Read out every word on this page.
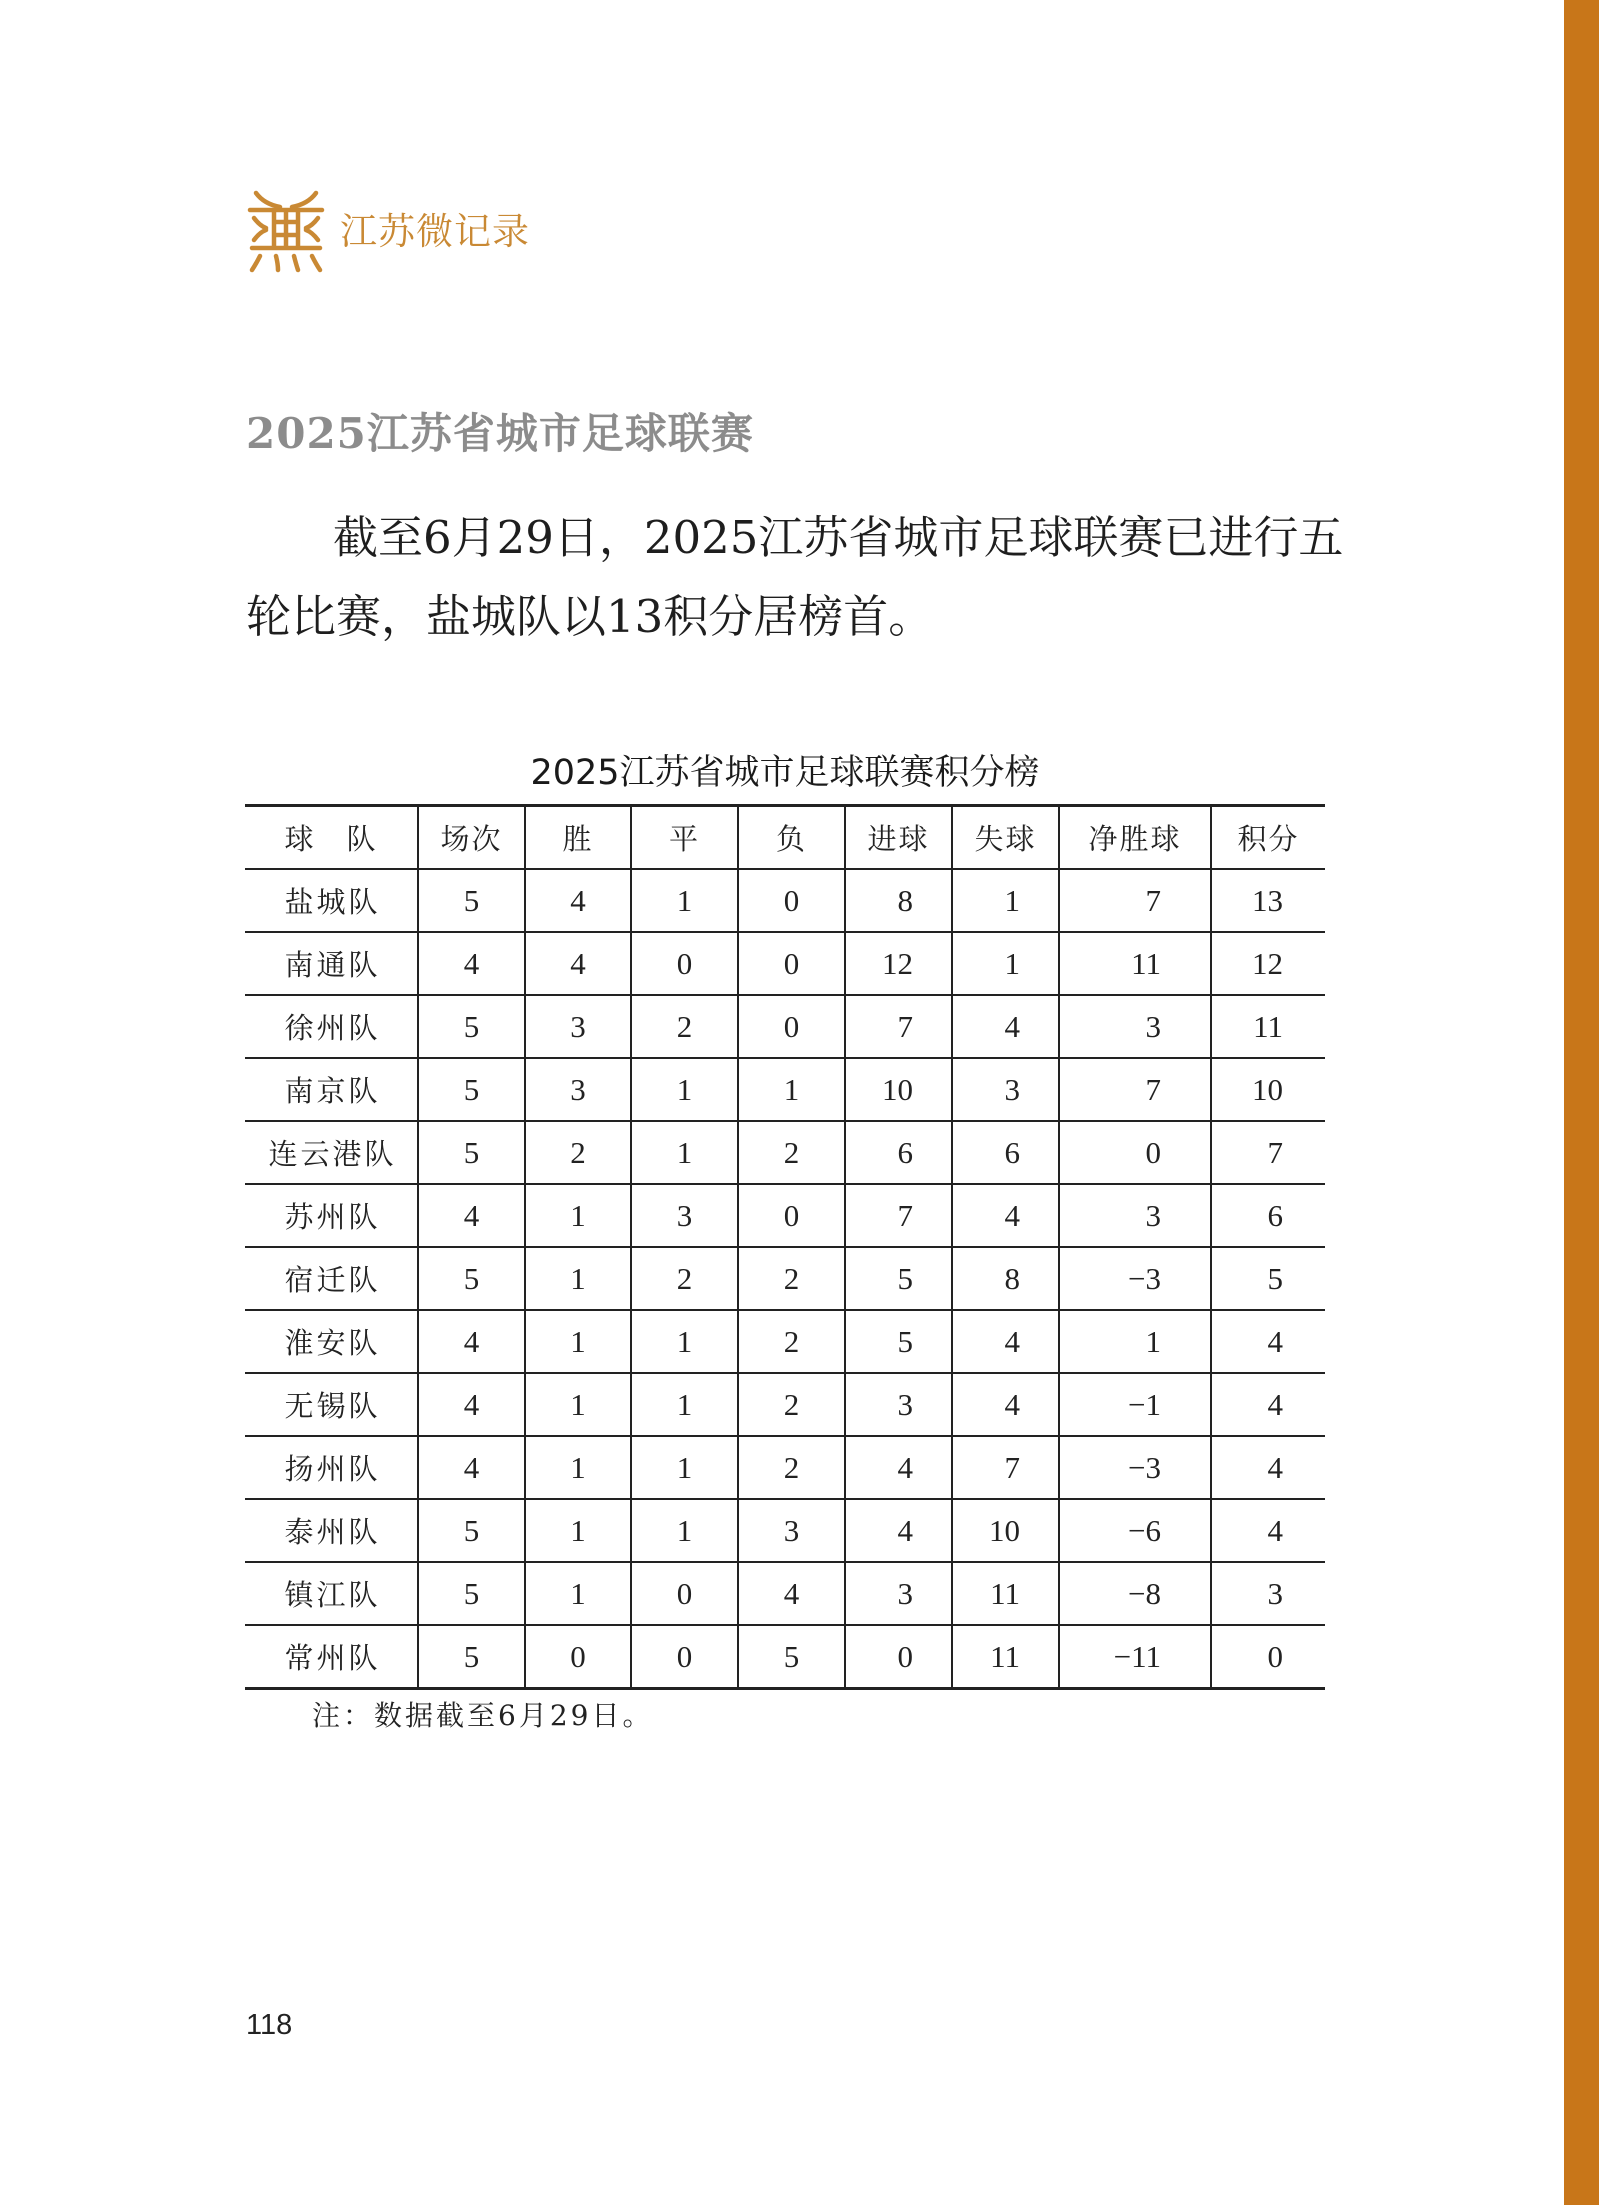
江苏微记录
2025江苏省城市足球联赛
截至6月29日，2025江苏省城市足球联赛已进行五
轮比赛，盐城队以13积分居榜首。
2025江苏省城市足球联赛积分榜
球　队	场次	胜	平	负	进球	失球	净胜球	积分
盐城队	5	4	1	0	8	1	7	13
南通队	4	4	0	0	12	1	11	12
徐州队	5	3	2	0	7	4	3	11
南京队	5	3	1	1	10	3	7	10
连云港队	5	2	1	2	6	6	0	7
苏州队	4	1	3	0	7	4	3	6
宿迁队	5	1	2	2	5	8	−3	5
淮安队	4	1	1	2	5	4	1	4
无锡队	4	1	1	2	3	4	−1	4
扬州队	4	1	1	2	4	7	−3	4
泰州队	5	1	1	3	4	10	−6	4
镇江队	5	1	0	4	3	11	−8	3
常州队	5	0	0	5	0	11	−11	0
注：数据截至6月29日。
118
